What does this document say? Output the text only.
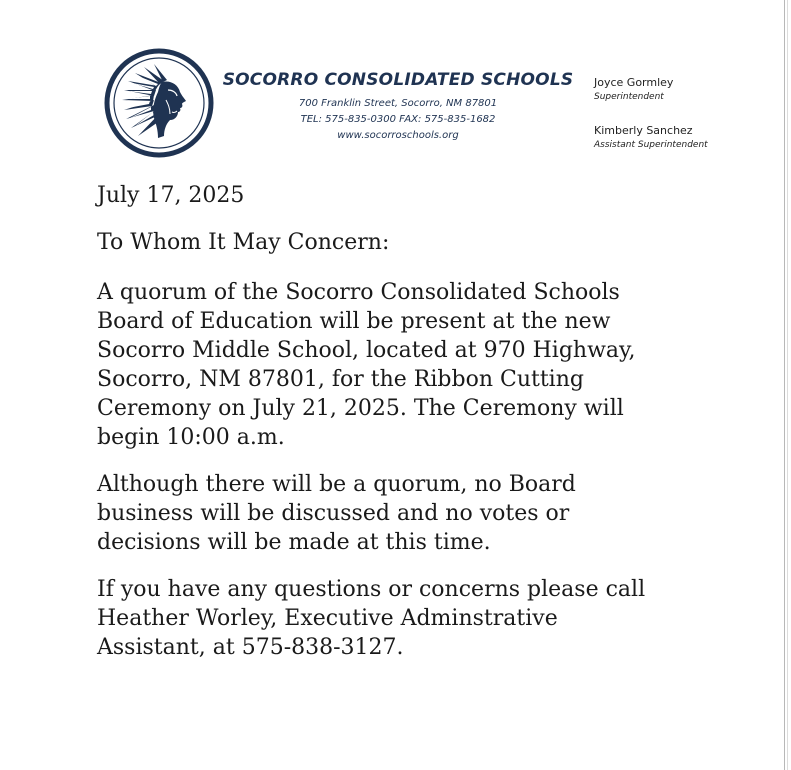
SOCORRO CONSOLIDATED SCHOOLS

700 Franklin Street, Socorro, NM 87801

TEL: 575-835-0300 FAX: 575-835-1682

www.socorroschools.org

Joyce Gormley
Superintendent
Kimberly Sanchez
Assistant Superintendent

July 17, 2025

To Whom It May Concern:

A quorum of the Socorro Consolidated Schools
Board of Education will be present at the new
Socorro Middle School, located at 970 Highway,
Socorro, NM 87801, for the Ribbon Cutting
Ceremony on July 21, 2025. The Ceremony will
begin 10:00 a.m.

Although there will be a quorum, no Board
business will be discussed and no votes or
decisions will be made at this time.

If you have any questions or concerns please call
Heather Worley, Executive Adminstrative
Assistant, at 575-838-3127.
